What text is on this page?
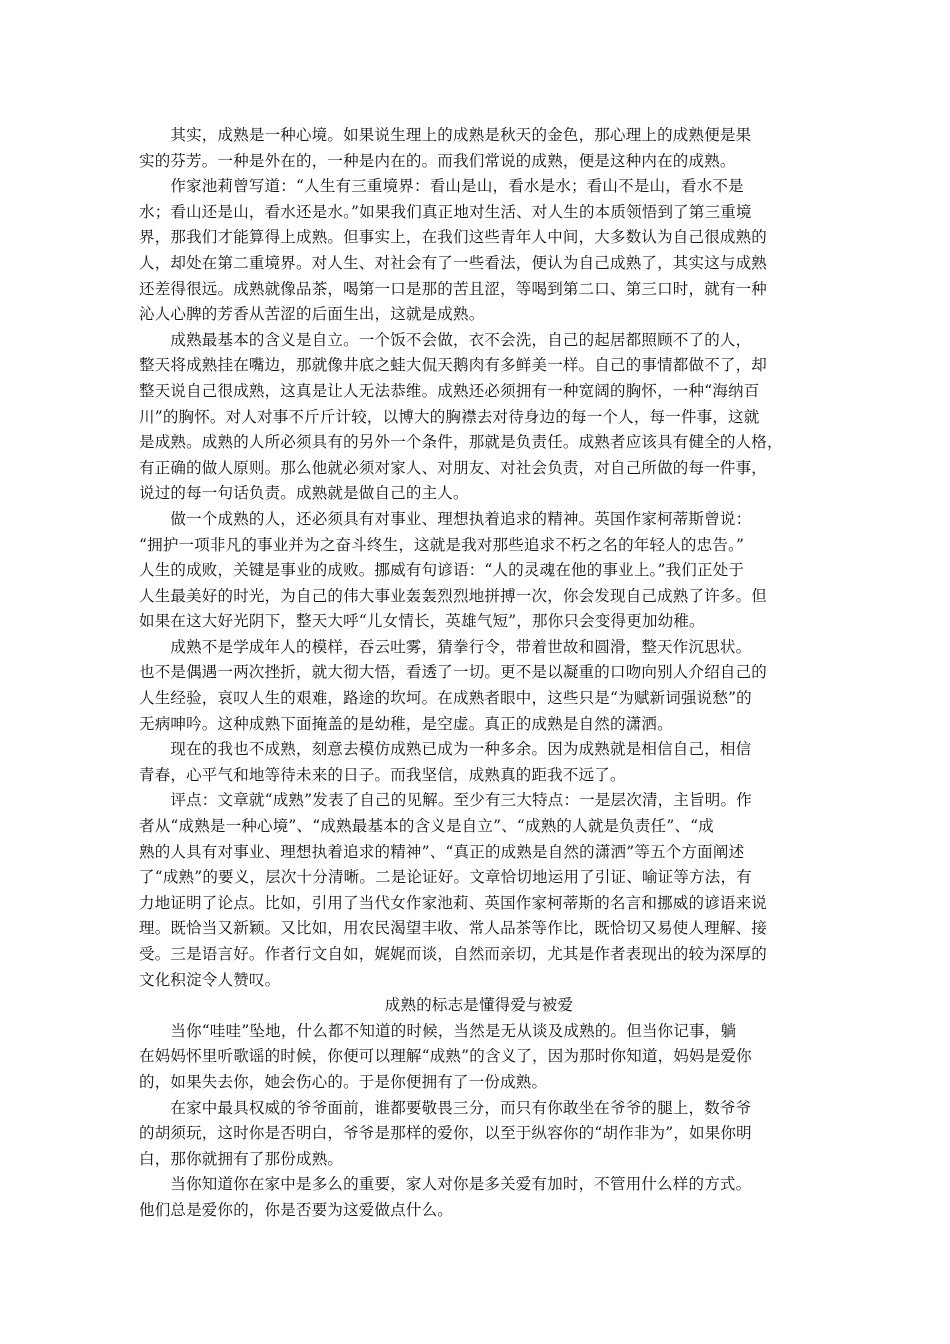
　　其实，成熟是一种心境。如果说生理上的成熟是秋天的金色，那心理上的成熟便是果
实的芬芳。一种是外在的，一种是内在的。而我们常说的成熟，便是这种内在的成熟。
　　作家池莉曾写道：“人生有三重境界：看山是山，看水是水；看山不是山，看水不是
水；看山还是山，看水还是水。”如果我们真正地对生活、对人生的本质领悟到了第三重境
界，那我们才能算得上成熟。但事实上，在我们这些青年人中间，大多数认为自己很成熟的
人，却处在第二重境界。对人生、对社会有了一些看法，便认为自己成熟了，其实这与成熟
还差得很远。成熟就像品茶，喝第一口是那的苦且涩，等喝到第二口、第三口时，就有一种
沁人心脾的芳香从苦涩的后面生出，这就是成熟。
　　成熟最基本的含义是自立。一个饭不会做，衣不会洗，自己的起居都照顾不了的人，
整天将成熟挂在嘴边，那就像井底之蛙大侃天鹅肉有多鲜美一样。自己的事情都做不了，却
整天说自己很成熟，这真是让人无法恭维。成熟还必须拥有一种宽阔的胸怀，一种“海纳百
川”的胸怀。对人对事不斤斤计较，以博大的胸襟去对待身边的每一个人，每一件事，这就
是成熟。成熟的人所必须具有的另外一个条件，那就是负责任。成熟者应该具有健全的人格，
有正确的做人原则。那么他就必须对家人、对朋友、对社会负责，对自己所做的每一件事，
说过的每一句话负责。成熟就是做自己的主人。
　　做一个成熟的人，还必须具有对事业、理想执着追求的精神。英国作家柯蒂斯曾说：
“拥护一项非凡的事业并为之奋斗终生，这就是我对那些追求不朽之名的年轻人的忠告。”
人生的成败，关键是事业的成败。挪威有句谚语：“人的灵魂在他的事业上。”我们正处于
人生最美好的时光，为自己的伟大事业轰轰烈烈地拼搏一次，你会发现自己成熟了许多。但
如果在这大好光阴下，整天大呼“儿女情长，英雄气短”，那你只会变得更加幼稚。
　　成熟不是学成年人的模样，吞云吐雾，猜拳行令，带着世故和圆滑，整天作沉思状。
也不是偶遇一两次挫折，就大彻大悟，看透了一切。更不是以凝重的口吻向别人介绍自己的
人生经验，哀叹人生的艰难，路途的坎坷。在成熟者眼中，这些只是“为赋新词强说愁”的
无病呻吟。这种成熟下面掩盖的是幼稚，是空虚。真正的成熟是自然的潇洒。
　　现在的我也不成熟，刻意去模仿成熟已成为一种多余。因为成熟就是相信自己，相信
青春，心平气和地等待未来的日子。而我坚信，成熟真的距我不远了。
　　评点：文章就“成熟”发表了自己的见解。至少有三大特点：一是层次清，主旨明。作
者从“成熟是一种心境”、“成熟最基本的含义是自立”、“成熟的人就是负责任”、“成
熟的人具有对事业、理想执着追求的精神”、“真正的成熟是自然的潇洒”等五个方面阐述
了“成熟”的要义，层次十分清晰。二是论证好。文章恰切地运用了引证、喻证等方法，有
力地证明了论点。比如，引用了当代女作家池莉、英国作家柯蒂斯的名言和挪威的谚语来说
理。既恰当又新颖。又比如，用农民渴望丰收、常人品茶等作比，既恰切又易使人理解、接
受。三是语言好。作者行文自如，娓娓而谈，自然而亲切，尤其是作者表现出的较为深厚的
文化积淀令人赞叹。
成熟的标志是懂得爱与被爱
　　当你“哇哇”坠地，什么都不知道的时候，当然是无从谈及成熟的。但当你记事，躺
在妈妈怀里听歌谣的时候，你便可以理解“成熟”的含义了，因为那时你知道，妈妈是爱你
的，如果失去你，她会伤心的。于是你便拥有了一份成熟。
　　在家中最具权威的爷爷面前，谁都要敬畏三分，而只有你敢坐在爷爷的腿上，数爷爷
的胡须玩，这时你是否明白，爷爷是那样的爱你，以至于纵容你的“胡作非为”，如果你明
白，那你就拥有了那份成熟。
　　当你知道你在家中是多么的重要，家人对你是多关爱有加时，不管用什么样的方式。
他们总是爱你的，你是否要为这爱做点什么。
